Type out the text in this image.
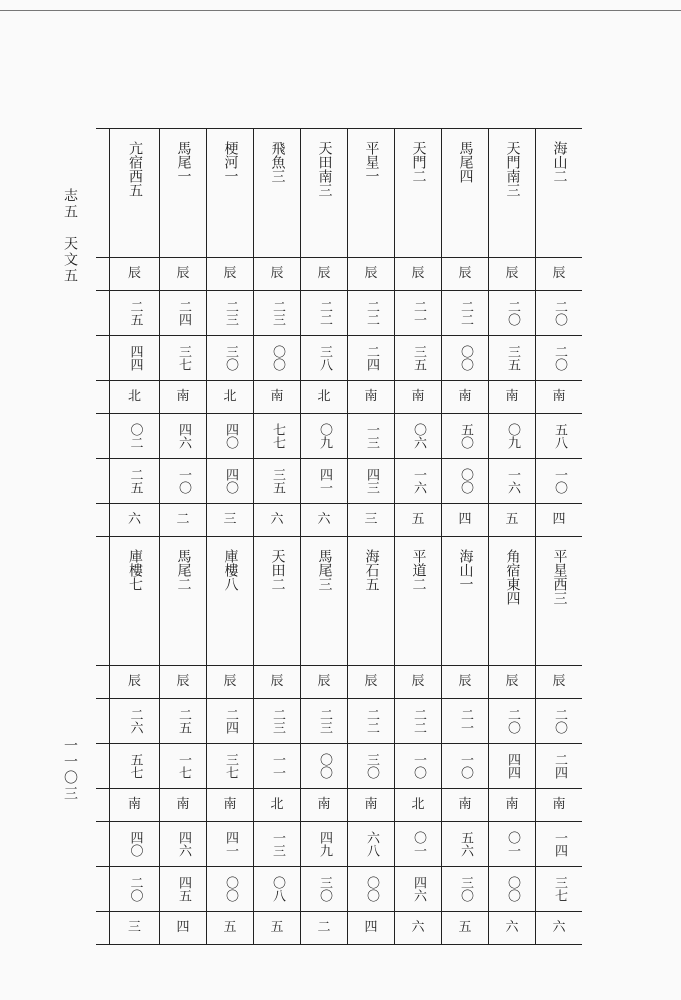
志五　天文五
一一〇三
海山二
天門南三
馬尾四
天門二
平星一
天田南三
飛魚三
梗河一
馬尾一
亢宿西五
辰
辰
辰
辰
辰
辰
辰
辰
辰
辰
二〇
二〇
二二
二一
二二
二二
二三
二三
二四
二五
二〇
三五
〇〇
三五
二四
三八
〇〇
三〇
三七
四四
南
南
南
南
南
北
南
北
南
北
五八
〇九
五〇
〇六
一三
〇九
七七
四〇
四六
〇二
一〇
一六
〇〇
一六
四三
四一
三五
四〇
一〇
二五
四
五
四
五
三
六
六
三
二
六
平星西三
角宿東四
海山一
平道二
海石五
馬尾三
天田二
庫樓八
馬尾二
庫樓七
辰
辰
辰
辰
辰
辰
辰
辰
辰
辰
二〇
二〇
二一
二二
二二
二三
二三
二四
二五
二六
二四
四四
一〇
一〇
三〇
〇〇
一一
三七
一七
五七
南
南
南
北
南
南
北
南
南
南
一四
〇一
五六
〇一
六八
四九
一三
四一
四六
四〇
三七
〇〇
三〇
四六
〇〇
三〇
〇八
〇〇
四五
二〇
六
六
五
六
四
二
五
五
四
三
